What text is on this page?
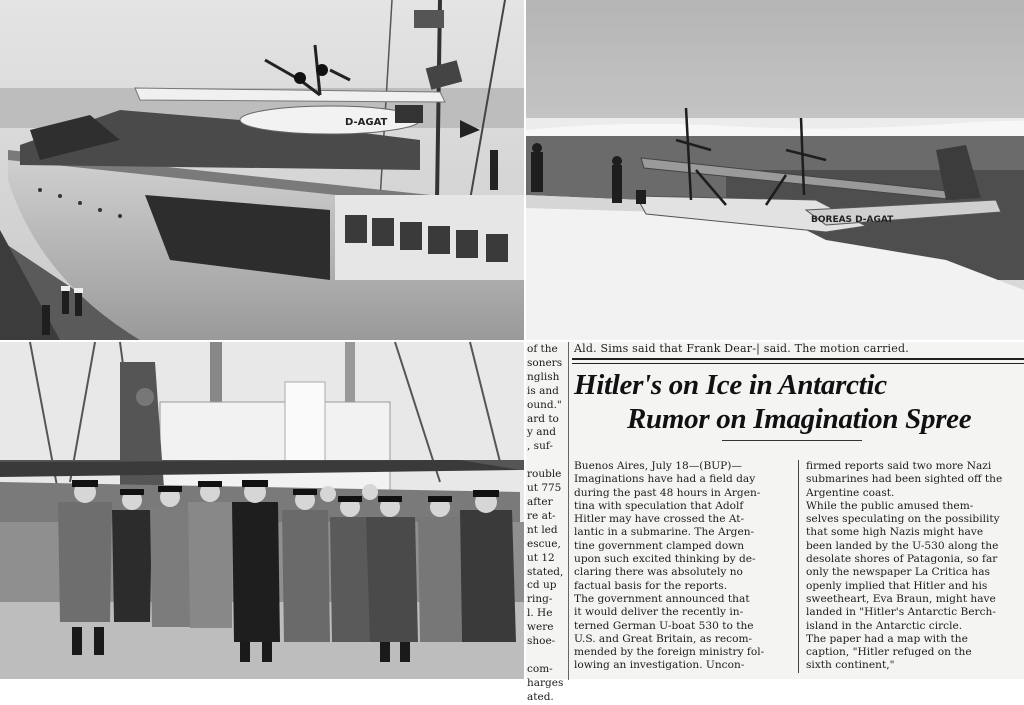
D-AGAT
BOREAS D-AGAT
of the
soners
nglish
is and
ound."
ard to
y and
, suf-

rouble
ut 775
after
re at-
nt led
escue,
ut 12
stated,
cd up
ring-
l. He
were
shoe-

com-
harges
ated.
Ald. Sims said that Frank Dear-| said. The motion carried.
Hitler's on Ice in Antarctic
Rumor on Imagination Spree
Buenos Aires, July 18—(BUP)—
Imaginations have had a field day
during the past 48 hours in Argen-
tina with speculation that Adolf
Hitler may have crossed the At-
lantic in a submarine. The Argen-
tine government clamped down
upon such excited thinking by de-
claring there was absolutely no
factual basis for the reports.
The government announced that
it would deliver the recently in-
terned German U-boat 530 to the
U.S. and Great Britain, as recom-
mended by the foreign ministry fol-
lowing an investigation. Uncon-
firmed reports said two more Nazi
submarines had been sighted off the
Argentine coast.
While the public amused them-
selves speculating on the possibility
that some high Nazis might have
been landed by the U-530 along the
desolate shores of Patagonia, so far
only the newspaper La Critica has
openly implied that Hitler and his
sweetheart, Eva Braun, might have
landed in "Hitler's Antarctic Berch-
island in the Antarctic circle.
The paper had a map with the
caption, "Hitler refuged on the
sixth continent,"
